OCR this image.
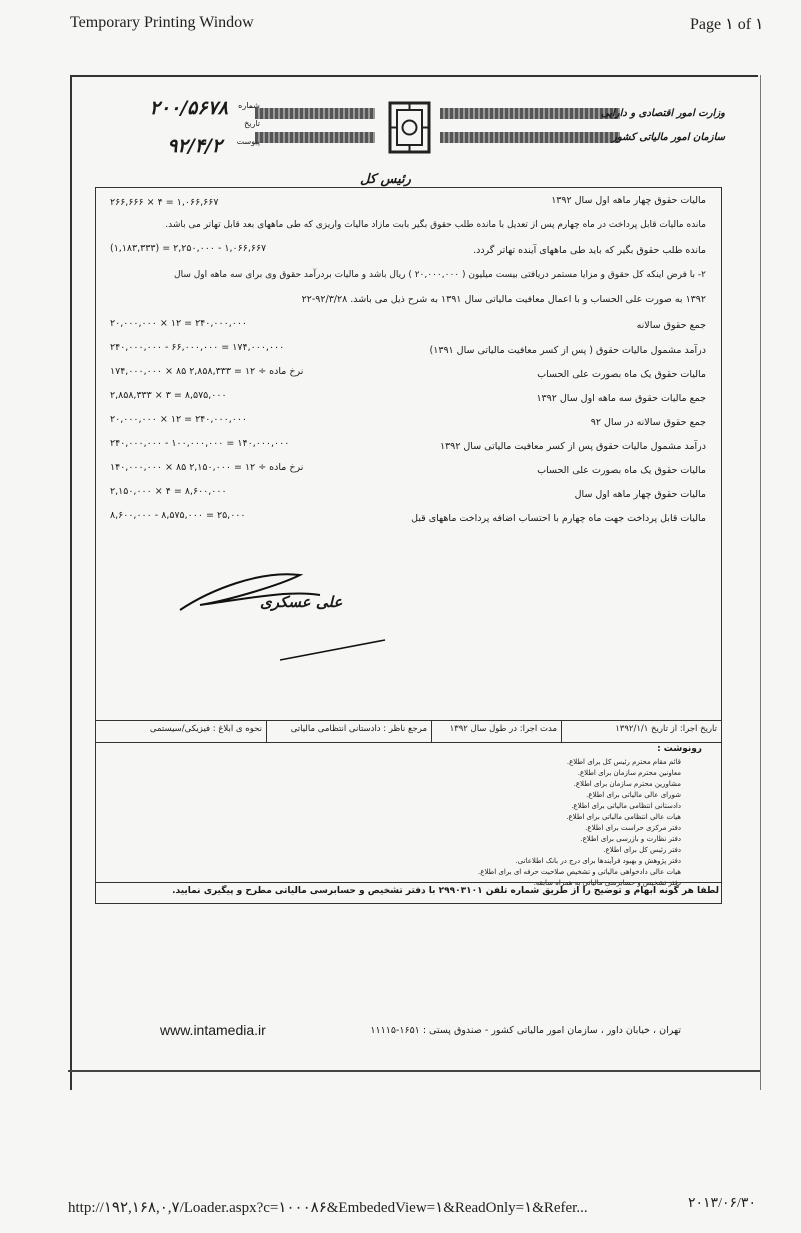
Temporary Printing Window	Page ١ of ١
وزارت امور اقتصادی و دارایی
سازمان امور مالیاتی کشور
رئیس کل
شماره
تاریخ
پیوست
۲۰۰/۵۶۷۸
۹۲/۴/۲
مالیات حقوق چهار ماهه اول سال ۱۳۹۲
۲۶۶,۶۶۶ × ۴ = ۱,۰۶۶,۶۶۷
مانده مالیات قابل پرداخت در ماه چهارم پس از تعدیل با مانده طلب حقوق بگیر بابت مازاد مالیات واریزی که طی ماههای بعد قابل تهاتر می باشد.
(۱,۱۸۳,۳۳۳) = ۲,۲۵۰,۰۰۰ - ۱,۰۶۶,۶۶۷	مانده طلب حقوق بگیر که باید طی ماههای آینده تهاتر گردد.
۲- با فرض اینکه کل حقوق و مزایا مستمر دریافتی بیست میلیون ( ۲۰,۰۰۰,۰۰۰ ) ریال باشد و مالیات بردرآمد حقوق وی برای سه ماهه اول سال
۱۳۹۲ به صورت علی الحساب و با اعمال معافیت مالیاتی سال ۱۳۹۱ به شرح ذیل می باشد. ۹۲/۳/۲۸-۲۲
جمع حقوق سالانه
۲۰,۰۰۰,۰۰۰ × ۱۲ = ۲۴۰,۰۰۰,۰۰۰
درآمد مشمول مالیات حقوق ( پس از کسر معافیت مالیاتی سال ۱۳۹۱)
۲۴۰,۰۰۰,۰۰۰ - ۶۶,۰۰۰,۰۰۰ = ۱۷۴,۰۰۰,۰۰۰
مالیات حقوق یک ماه بصورت علی الحساب
۱۷۴,۰۰۰,۰۰۰ × ۸۵ نرخ ماده ÷ ۱۲ = ۲,۸۵۸,۳۳۳
جمع مالیات حقوق سه ماهه اول سال ۱۳۹۲
۲,۸۵۸,۳۳۳ × ۳ = ۸,۵۷۵,۰۰۰
جمع حقوق سالانه در سال ۹۲
۲۰,۰۰۰,۰۰۰ × ۱۲ = ۲۴۰,۰۰۰,۰۰۰
درآمد مشمول مالیات حقوق پس از کسر معافیت مالیاتی سال ۱۳۹۲
۲۴۰,۰۰۰,۰۰۰ - ۱۰۰,۰۰۰,۰۰۰ = ۱۴۰,۰۰۰,۰۰۰
مالیات حقوق یک ماه بصورت علی الحساب
۱۴۰,۰۰۰,۰۰۰ × ۸۵ نرخ ماده ÷ ۱۲ = ۲,۱۵۰,۰۰۰
مالیات حقوق چهار ماهه اول سال
۲,۱۵۰,۰۰۰ × ۴ = ۸,۶۰۰,۰۰۰
مالیات قابل پرداخت جهت ماه چهارم با احتساب اضافه پرداخت ماههای قبل
۸,۶۰۰,۰۰۰ - ۸,۵۷۵,۰۰۰ = ۲۵,۰۰۰
علی عسکری
تاریخ اجرا: از تاریخ ۱۳۹۲/۱/۱
مدت اجرا: در طول سال ۱۳۹۲
مرجع ناظر : دادستانی انتظامی مالیاتی
نحوه ی ابلاغ : فیزیکی/سیستمی
رونوشت :
قائم مقام محترم رئیس کل برای اطلاع.
معاونین محترم سازمان برای اطلاع.
مشاورین محترم سازمان برای اطلاع.
شورای عالی مالیاتی برای اطلاع.
دادستانی انتظامی مالیاتی برای اطلاع.
هیات عالی انتظامی مالیاتی برای اطلاع.
دفتر مرکزی حراست برای اطلاع.
دفتر نظارت و بازرسی برای اطلاع.
دفتر رئیس کل برای اطلاع.
دفتر پژوهش و بهبود فرآیندها برای درج در بانک اطلاعاتی.
هیات عالی دادخواهی مالیاتی و تشخیص صلاحیت حرفه ای برای اطلاع.
دفتر تشخیص و حسابرسی مالیاتی به همراه سابقه.
لطفا هر گونه ابهام و توضیح را از طریق شماره تلفن ۲۹۹۰۳۱۰۱ با دفتر تشخیص و حسابرسی مالیاتی مطرح و پیگیری نمایید.
www.intamedia.ir	تهران ، خیابان داور ، سازمان امور مالیاتی کشور - صندوق پستی : ۱۶۵۱-۱۱۱۱۵
http://١٩٢,١۶٨,٠,٧/Loader.aspx?c=١٠٠٠٨۶&EmbededView=١&ReadOnly=١&Refer...	٢٠١٣/٠۶/٣٠
